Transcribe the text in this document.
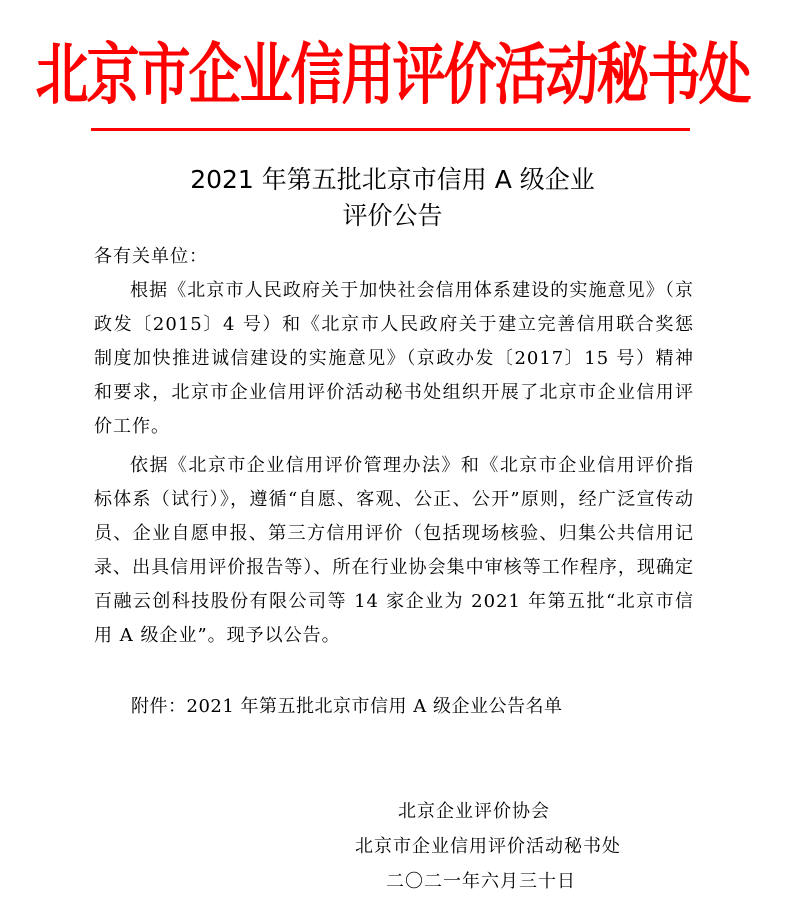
北京市企业信用评价活动秘书处
2021 年第五批北京市信用 A 级企业
评价公告
各有关单位：
根据《北京市人民政府关于加快社会信用体系建设的实施意见》（京政发〔2015〕4 号）和《北京市人民政府关于建立完善信用联合奖惩制度加快推进诚信建设的实施意见》（京政办发〔2017〕15 号）精神和要求，北京市企业信用评价活动秘书处组织开展了北京市企业信用评价工作。
依据《北京市企业信用评价管理办法》和《北京市企业信用评价指标体系（试行）》，遵循“自愿、客观、公正、公开”原则，经广泛宣传动员、企业自愿申报、第三方信用评价（包括现场核验、归集公共信用记录、出具信用评价报告等）、所在行业协会集中审核等工作程序，现确定百融云创科技股份有限公司等 14 家企业为 2021 年第五批“北京市信用 A 级企业”。现予以公告。
附件：2021 年第五批北京市信用 A 级企业公告名单
北京企业评价协会
北京市企业信用评价活动秘书处
二〇二一年六月三十日
